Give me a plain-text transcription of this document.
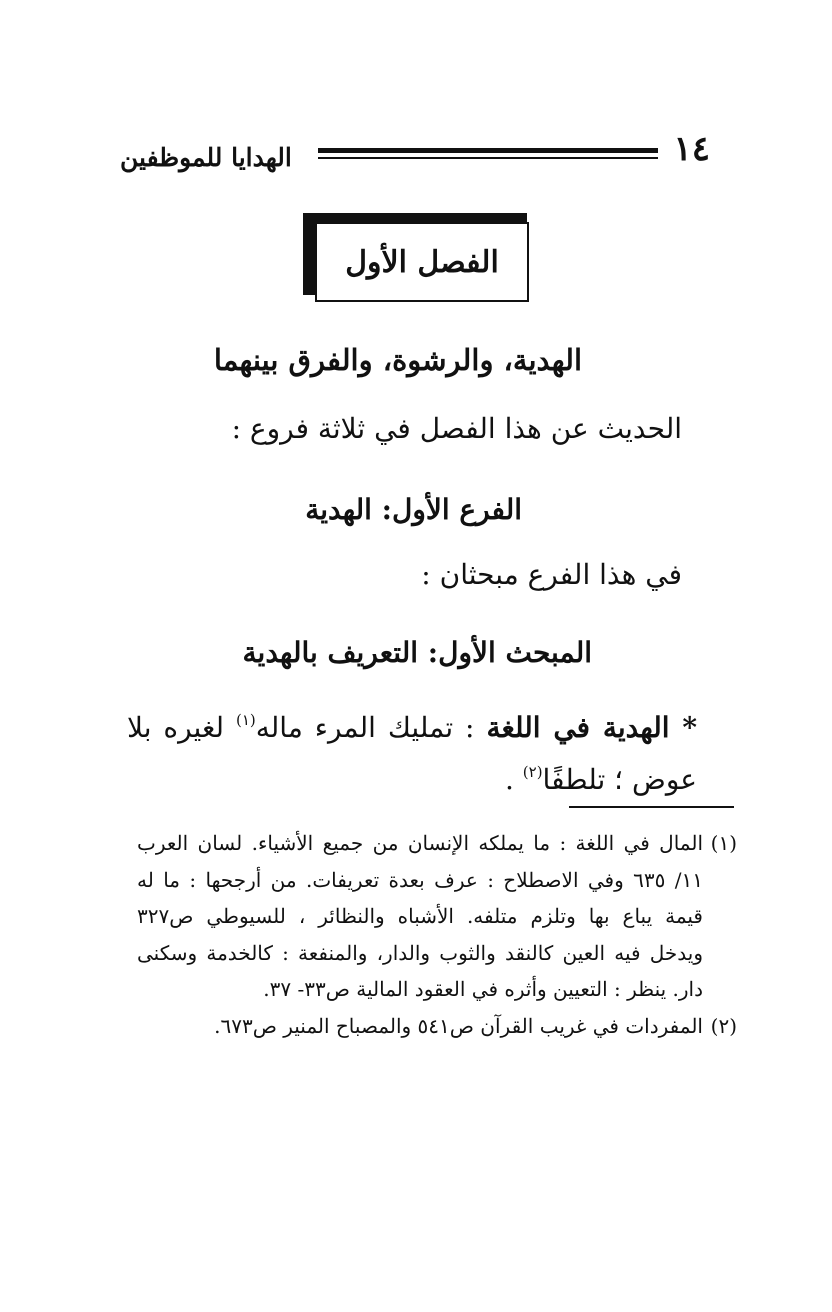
١٤
الهدايا للموظفين
الفصل الأول
الهدية، والرشوة، والفرق بينهما
الحديث عن هذا الفصل في ثلاثة فروع :
الفرع الأول: الهدية
في هذا الفرع مبحثان :
المبحث الأول: التعريف بالهدية
* الهدية في اللغة : تمليك المرء ماله$^{(١)}$ لغيره بلا عوض ؛ تلطفًا$^{(٢)}$ .
(١)
المال في اللغة : ما يملكه الإنسان من جميع الأشياء. لسان العرب ١١/ ٦٣٥ وفي الاصطلاح : عرف بعدة تعريفات. من أرجحها : ما له قيمة يباع بها وتلزم متلفه. الأشباه والنظائر ، للسيوطي ص٣٢٧ ويدخل فيه العين كالنقد والثوب والدار، والمنفعة : كالخدمة وسكنى دار. ينظر : التعيين وأثره في العقود المالية ص٣٣- ٣٧.
(٢)
المفردات في غريب القرآن ص٥٤١ والمصباح المنير ص٦٧٣.
